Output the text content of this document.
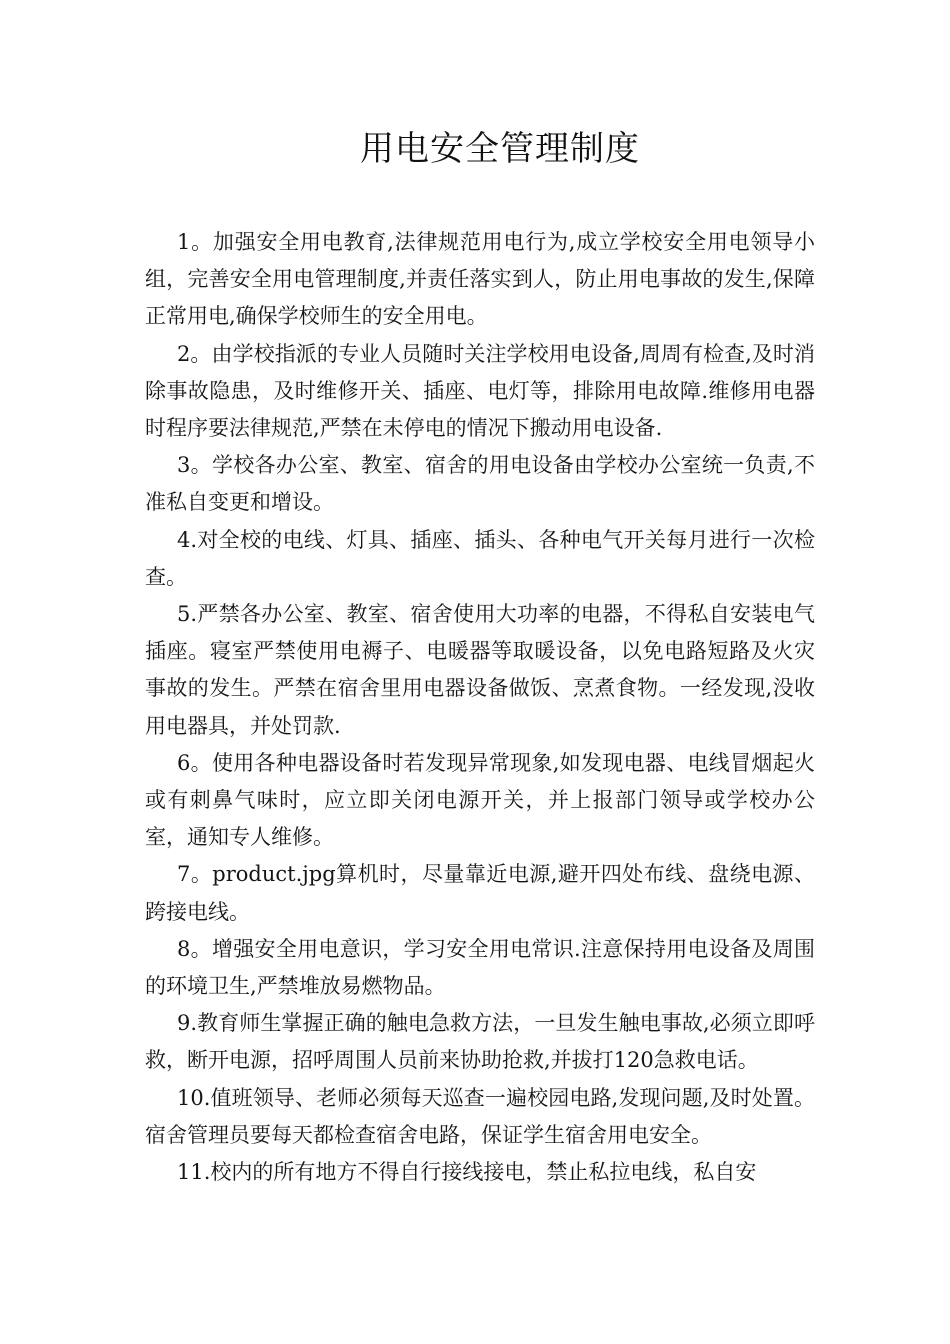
用电安全管理制度

1。加强安全用电教育,法律规范用电行为,成立学校安全用电领导小组，完善安全用电管理制度,并责任落实到人，防止用电事故的发生,保障正常用电,确保学校师生的安全用电。

2。由学校指派的专业人员随时关注学校用电设备,周周有检查,及时消除事故隐患，及时维修开关、插座、电灯等，排除用电故障.维修用电器时程序要法律规范,严禁在未停电的情况下搬动用电设备.

3。学校各办公室、教室、宿舍的用电设备由学校办公室统一负责,不准私自变更和增设。

4.对全校的电线、灯具、插座、插头、各种电气开关每月进行一次检查。

5.严禁各办公室、教室、宿舍使用大功率的电器，不得私自安装电气插座。寝室严禁使用电褥子、电暖器等取暖设备，以免电路短路及火灾事故的发生。严禁在宿舍里用电器设备做饭、烹煮食物。一经发现,没收用电器具，并处罚款.

6。使用各种电器设备时若发现异常现象,如发现电器、电线冒烟起火或有刺鼻气味时，应立即关闭电源开关，并上报部门领导或学校办公室，通知专人维修。

7。product.jpg算机时，尽量靠近电源,避开四处布线、盘绕电源、跨接电线。

8。增强安全用电意识，学习安全用电常识.注意保持用电设备及周围的环境卫生,严禁堆放易燃物品。

9.教育师生掌握正确的触电急救方法，一旦发生触电事故,必须立即呼救，断开电源，招呼周围人员前来协助抢救,并拔打120急救电话。

10.值班领导、老师必须每天巡查一遍校园电路,发现问题,及时处置。宿舍管理员要每天都检查宿舍电路，保证学生宿舍用电安全。

11.校内的所有地方不得自行接线接电，禁止私拉电线，私自安
